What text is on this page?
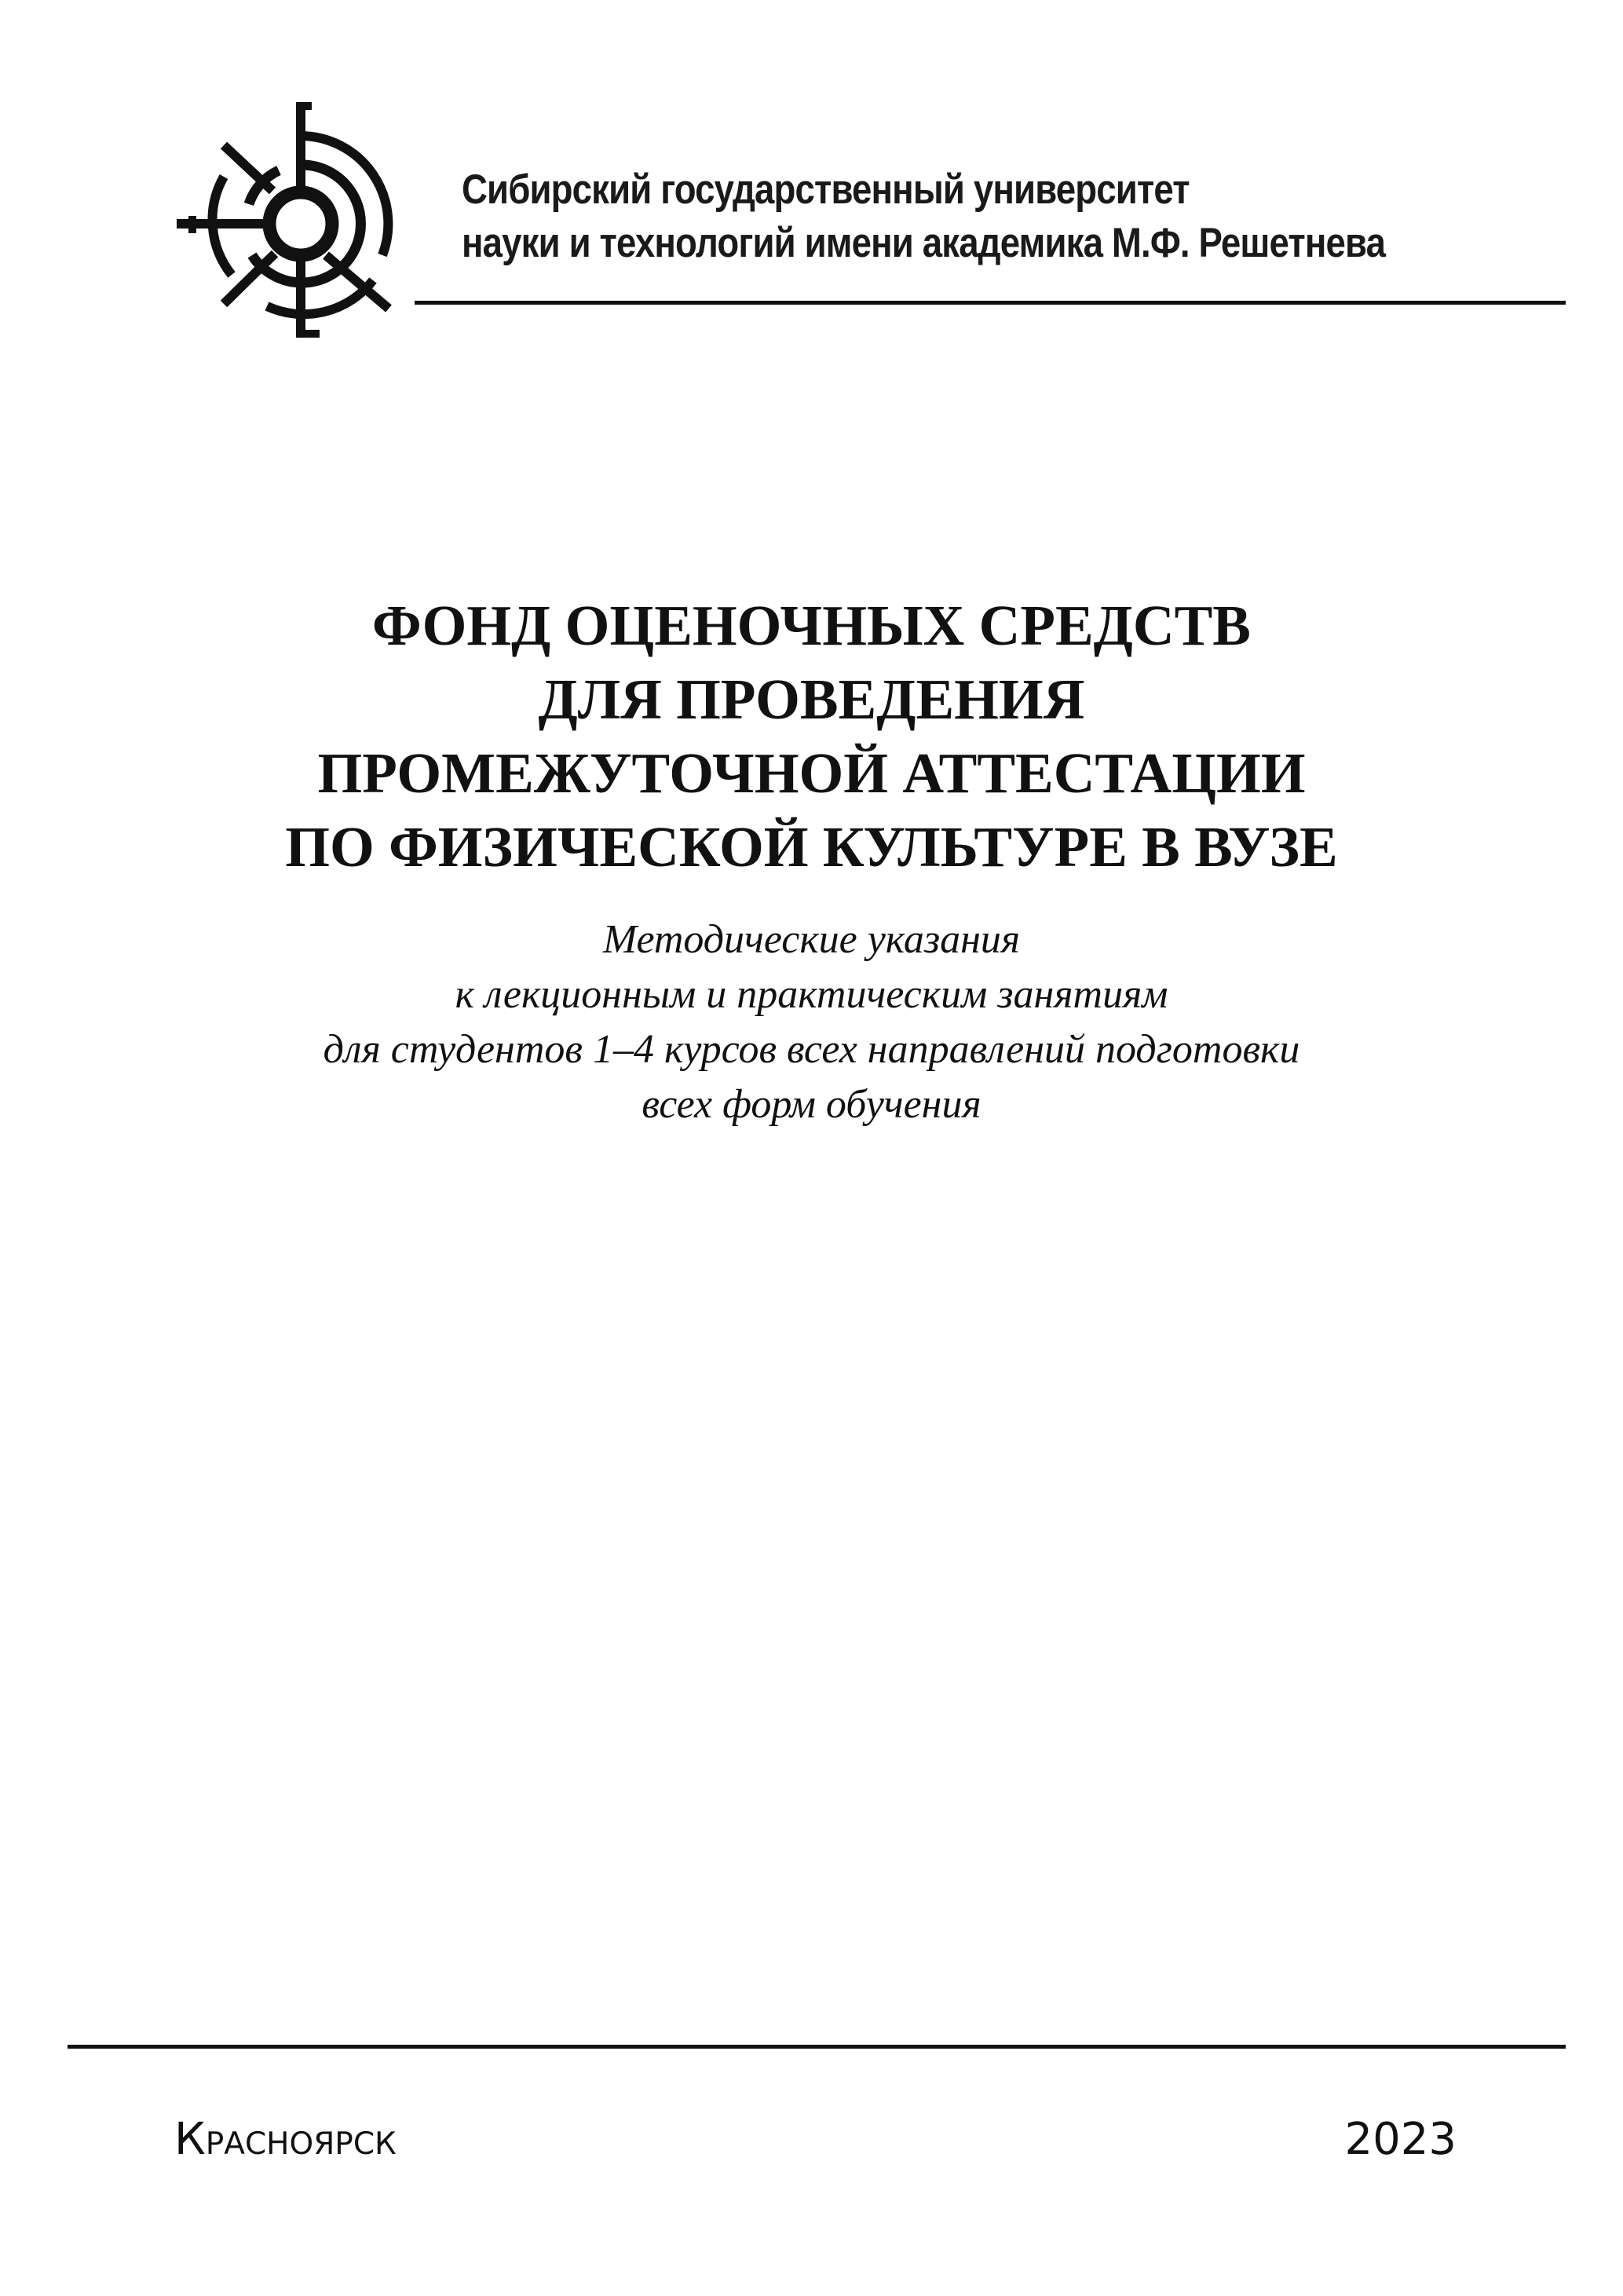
Сибирский государственный университет
науки и технологий имени академика М.Ф. Решетнева
ФОНД ОЦЕНОЧНЫХ СРЕДСТВ
ДЛЯ ПРОВЕДЕНИЯ
ПРОМЕЖУТОЧНОЙ АТТЕСТАЦИИ
ПО ФИЗИЧЕСКОЙ КУЛЬТУРЕ В ВУЗЕ
Методические указания
к лекционным и практическим занятиям
для студентов 1–4 курсов всех направлений подготовки
всех форм обучения
Красноярск	2023
